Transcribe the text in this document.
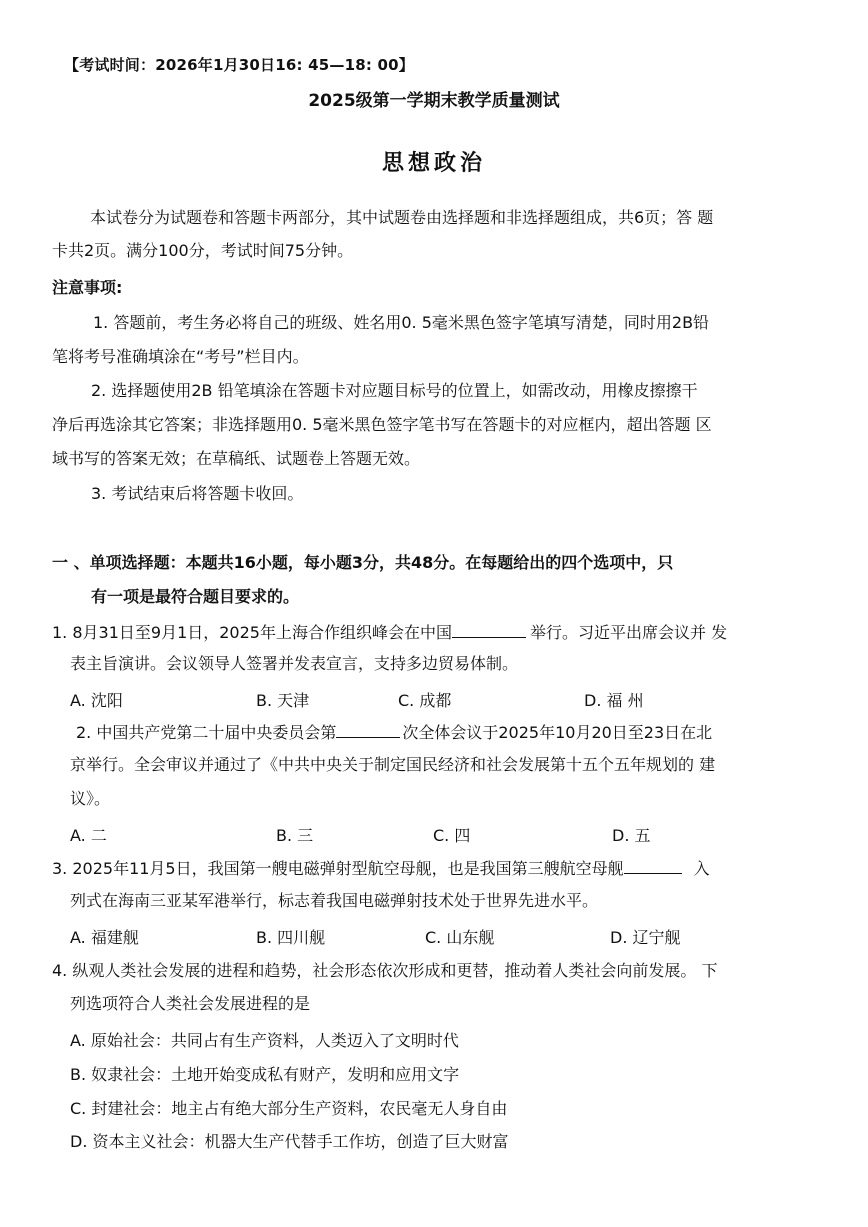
【考试时间：2026年1月30日16: 45—18: 00】
2025级第一学期末教学质量测试
思想政治
本试卷分为试题卷和答题卡两部分，其中试题卷由选择题和非选择题组成，共6页；答 题
卡共2页。满分100分，考试时间75分钟。
注意事项:
1. 答题前，考生务必将自己的班级、姓名用0. 5毫米黑色签字笔填写清楚，同时用2B铅
笔将考号准确填涂在“考号”栏目内。
2. 选择题使用2B 铅笔填涂在答题卡对应题目标号的位置上，如需改动，用橡皮擦擦干
净后再选涂其它答案；非选择题用0. 5毫米黑色签字笔书写在答题卡的对应框内，超出答题 区
域书写的答案无效；在草稿纸、试题卷上答题无效。
3. 考试结束后将答题卡收回。
一 、单项选择题：本题共16小题，每小题3分，共48分。在每题给出的四个选项中，只
有一项是最符合题目要求的。
1. 8月31日至9月1日，2025年上海合作组织峰会在中国	举行。习近平出席会议并 发
表主旨演讲。会议领导人签署并发表宣言，支持多边贸易体制。
A. 沈阳	B. 天津	C. 成都	D. 福 州
2. 中国共产党第二十届中央委员会第	次全体会议于2025年10月20日至23日在北
京举行。全会审议并通过了《中共中央关于制定国民经济和社会发展第十五个五年规划的 建
议》。
A. 二	B. 三	C. 四	D. 五
3. 2025年11月5日，我国第一艘电磁弹射型航空母舰，也是我国第三艘航空母舰	入
列式在海南三亚某军港举行，标志着我国电磁弹射技术处于世界先进水平。
A. 福建舰	B. 四川舰	C. 山东舰	D. 辽宁舰
4. 纵观人类社会发展的进程和趋势，社会形态依次形成和更替，推动着人类社会向前发展。 下
列选项符合人类社会发展进程的是
A. 原始社会：共同占有生产资料，人类迈入了文明时代
B. 奴隶社会：土地开始变成私有财产，发明和应用文字
C. 封建社会：地主占有绝大部分生产资料，农民毫无人身自由
D. 资本主义社会：机器大生产代替手工作坊，创造了巨大财富
